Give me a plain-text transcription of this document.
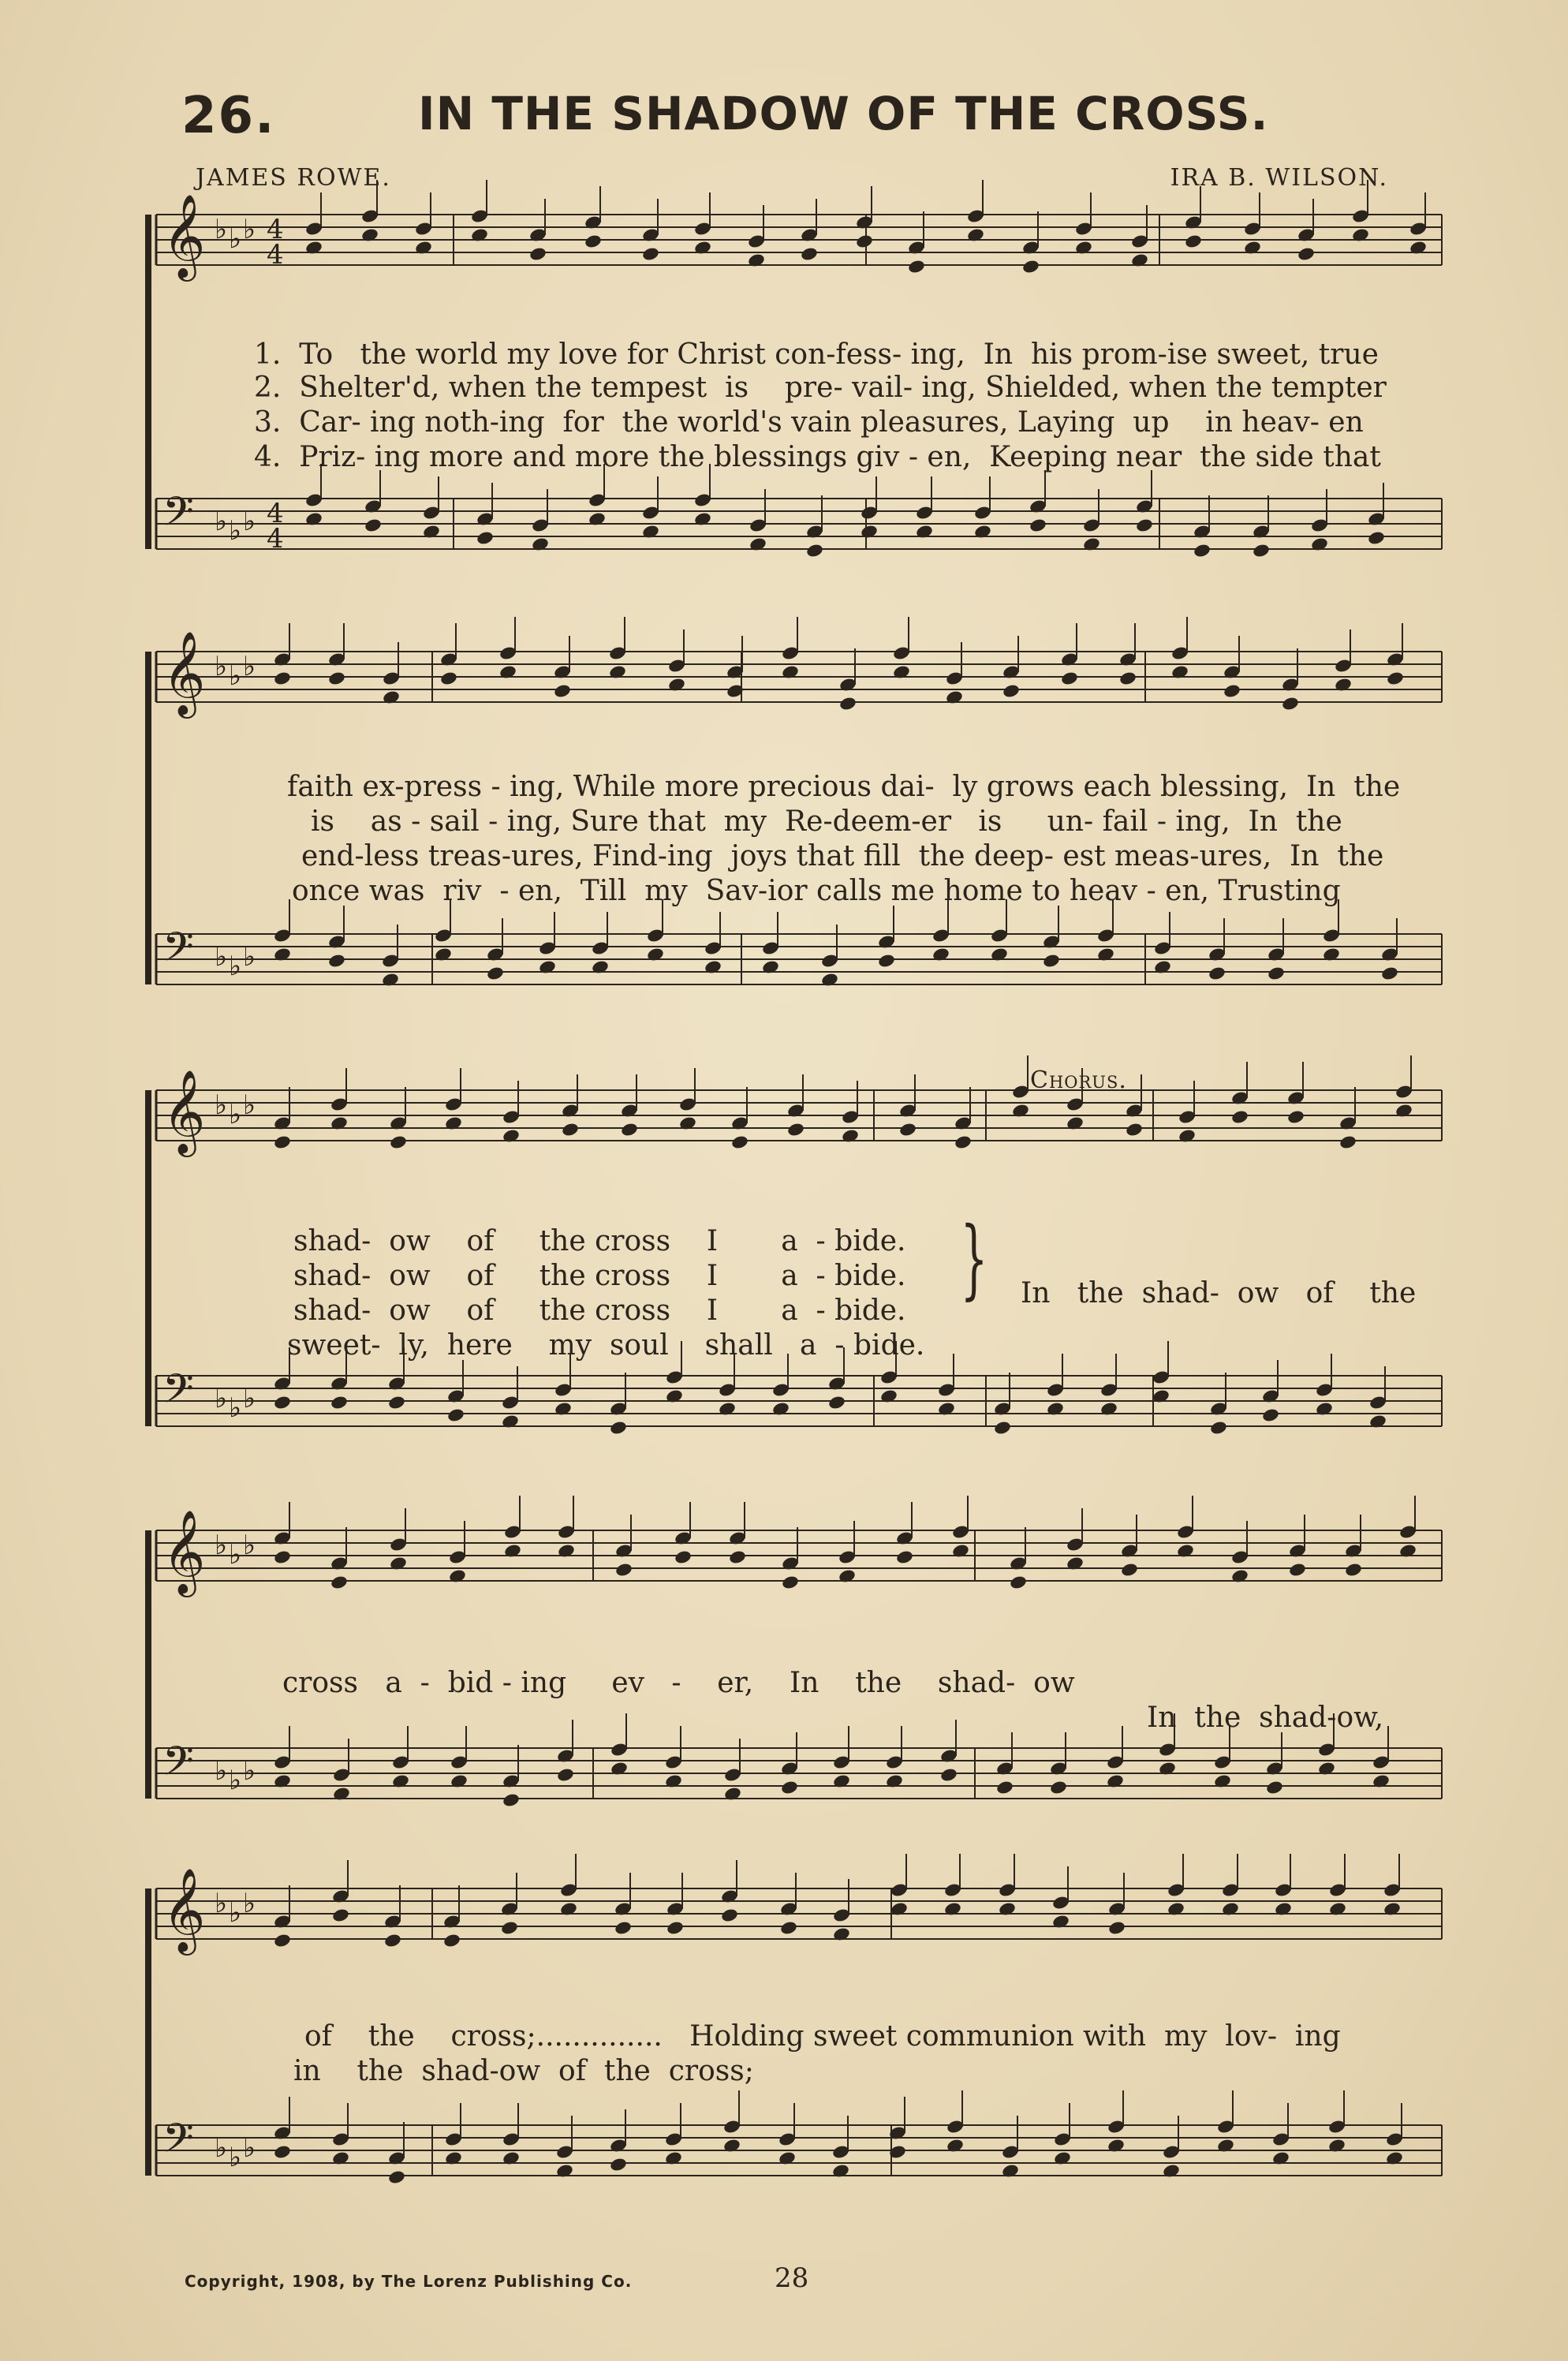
26.	IN THE SHADOW OF THE CROSS.
JAMES ROWE.	IRA B. WILSON.
𝄞 ♭ ♭ ♭ 4
4
𝄢 ♭ ♭ ♭ 4
4
𝄞 ♭ ♭ ♭
𝄢 ♭ ♭ ♭
𝄞 ♭ ♭ ♭
𝄢 ♭ ♭ ♭
𝄞 ♭ ♭ ♭
𝄢 ♭ ♭ ♭
𝄞 ♭ ♭ ♭
𝄢 ♭ ♭ ♭
1.  To   the world my love for Christ con-fess- ing,  In  his prom-ise sweet, true
2.  Shelter'd, when the tempest  is    pre- vail- ing, Shielded, when the tempter
3.  Car- ing noth-ing  for  the world's vain pleasures, Laying  up    in heav- en
4.  Priz- ing more and more the blessings giv - en,  Keeping near  the side that
faith ex-press - ing, While more precious dai-  ly grows each blessing,  In  the
is    as - sail - ing, Sure that  my  Re-deem-er   is     un- fail - ing,  In  the
end-less treas-ures, Find-ing  joys that fill  the deep- est meas-ures,  In  the
once was  riv  - en,  Till  my  Sav-ior calls me home to heav - en, Trusting
Chorus.
shad-  ow    of     the cross    I       a  - bide.
shad-  ow    of     the cross    I       a  - bide.
shad-  ow    of     the cross    I       a  - bide.
sweet-  ly,  here    my  soul    shall   a  - bide.
} In   the  shad-  ow   of    the
cross   a  -  bid - ing     ev   -    er,    In    the    shad-  ow
In  the  shad-ow,
of    the    cross;..............   Holding sweet communion with  my  lov-  ing
in    the  shad-ow  of  the  cross;
Copyright, 1908, by The Lorenz Publishing Co.	28
